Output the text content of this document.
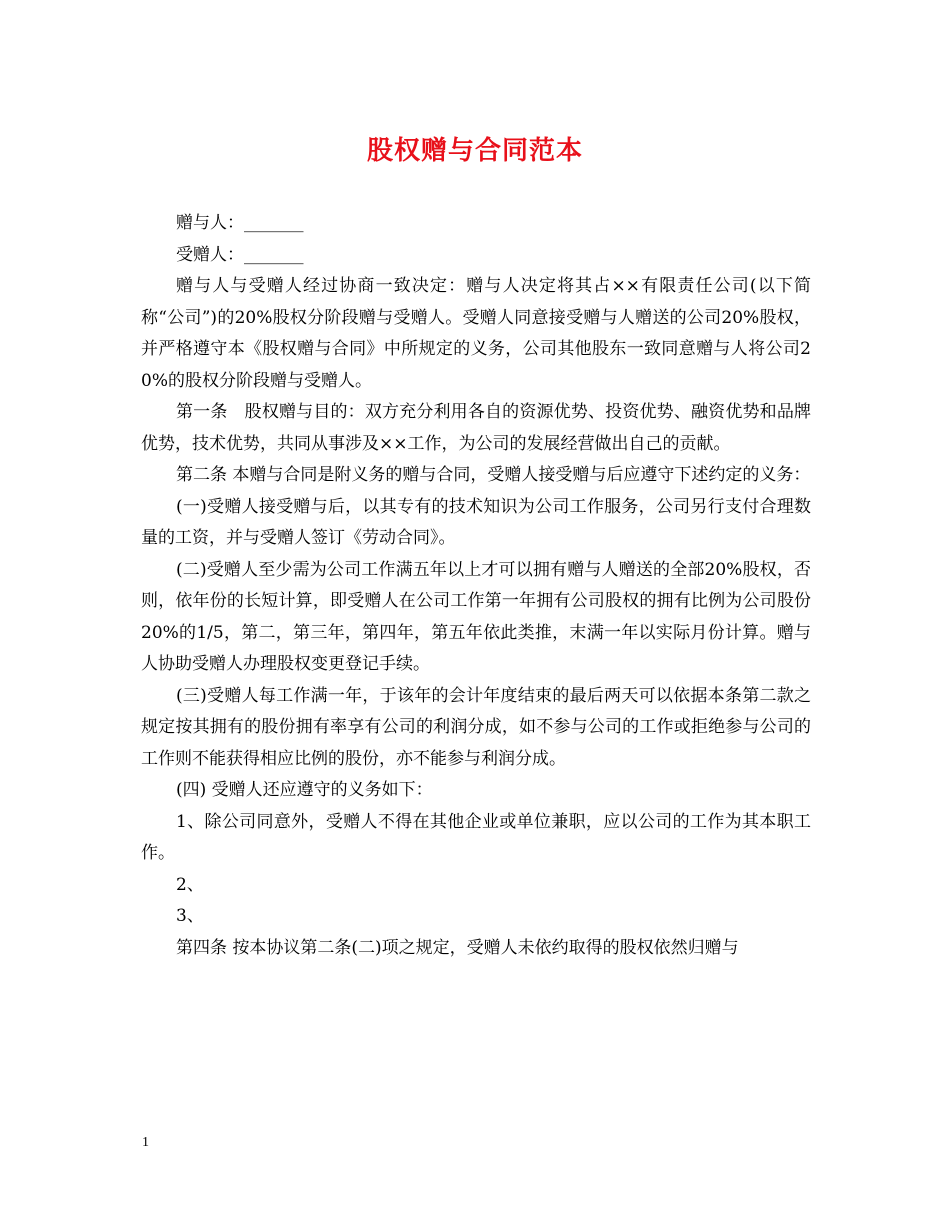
股权赠与合同范本

赠与人：_______

受赠人：_______

赠与人与受赠人经过协商一致决定：赠与人决定将其占××有限责任公司(以下简称“公司”)的20%股权分阶段赠与受赠人。受赠人同意接受赠与人赠送的公司20%股权，并严格遵守本《股权赠与合同》中所规定的义务，公司其他股东一致同意赠与人将公司20%的股权分阶段赠与受赠人。

第一条　股权赠与目的：双方充分利用各自的资源优势、投资优势、融资优势和品牌优势，技术优势，共同从事涉及××工作，为公司的发展经营做出自己的贡献。

第二条 本赠与合同是附义务的赠与合同，受赠人接受赠与后应遵守下述约定的义务：

(一)受赠人接受赠与后，以其专有的技术知识为公司工作服务，公司另行支付合理数量的工资，并与受赠人签订《劳动合同》。

(二)受赠人至少需为公司工作满五年以上才可以拥有赠与人赠送的全部20%股权，否则，依年份的长短计算，即受赠人在公司工作第一年拥有公司股权的拥有比例为公司股份20%的1/5，第二，第三年，第四年，第五年依此类推，末满一年以实际月份计算。赠与人协助受赠人办理股权变更登记手续。

(三)受赠人每工作满一年，于该年的会计年度结束的最后两天可以依据本条第二款之规定按其拥有的股份拥有率享有公司的利润分成，如不参与公司的工作或拒绝参与公司的工作则不能获得相应比例的股份，亦不能参与利润分成。

(四) 受赠人还应遵守的义务如下：

1、除公司同意外，受赠人不得在其他企业或单位兼职，应以公司的工作为其本职工作。

2、

3、

第四条 按本协议第二条(二)项之规定，受赠人未依约取得的股权依然归赠与

1
